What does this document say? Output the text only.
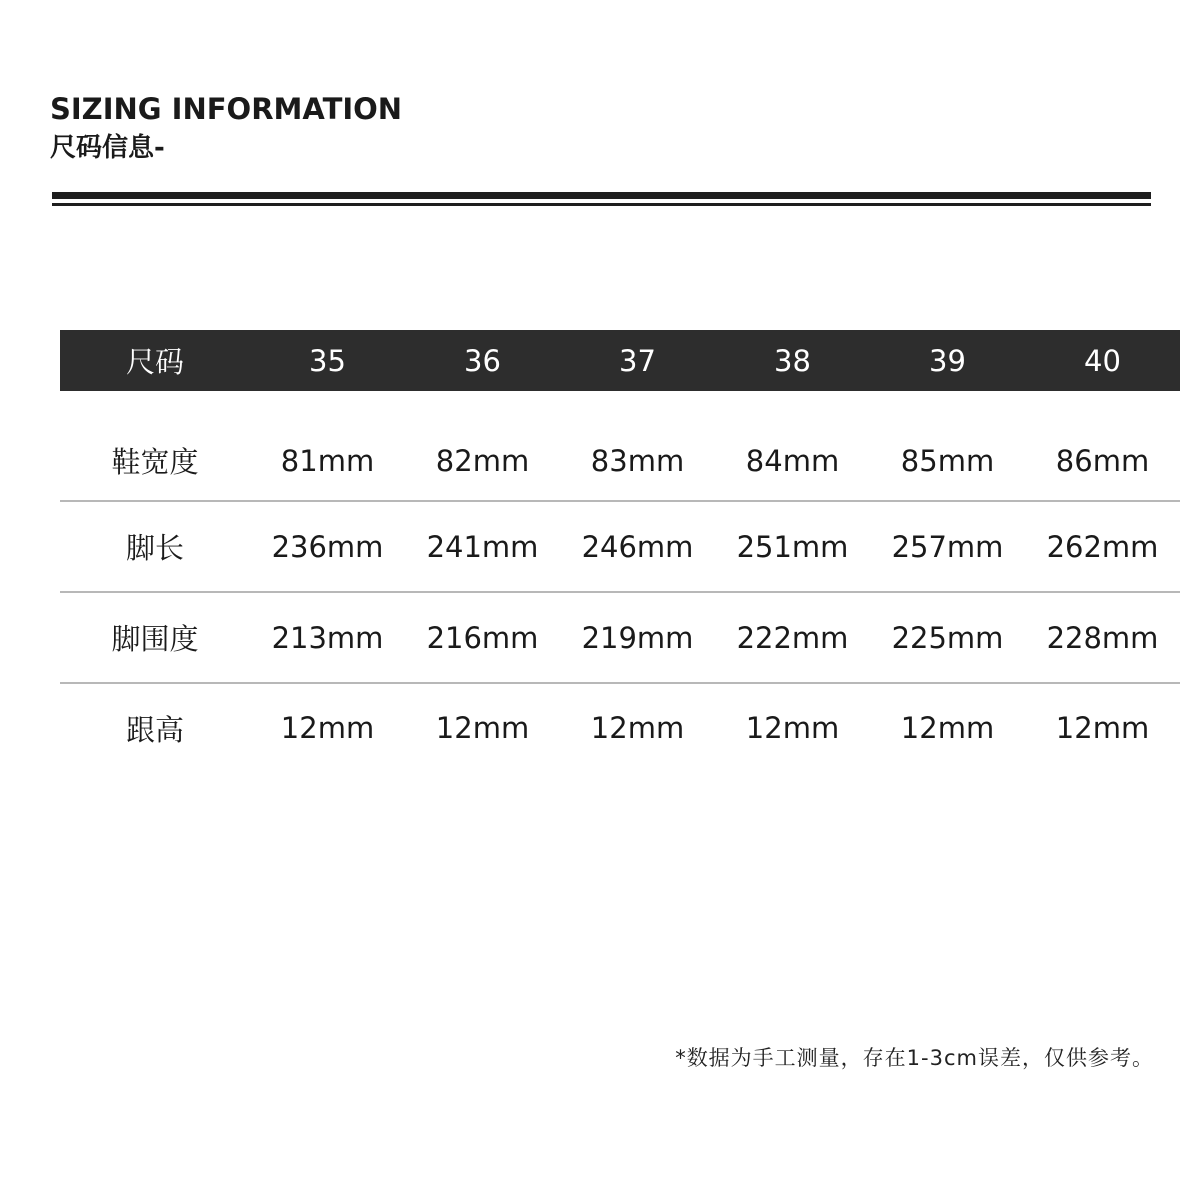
SIZING INFORMATION
尺码信息-
尺码	35	36	37	38	39	40
鞋宽度	81mm	82mm	83mm	84mm	85mm	86mm
脚长	236mm	241mm	246mm	251mm	257mm	262mm
脚围度	213mm	216mm	219mm	222mm	225mm	228mm
跟高	12mm	12mm	12mm	12mm	12mm	12mm
*数据为手工测量，存在1-3cm误差，仅供参考。
